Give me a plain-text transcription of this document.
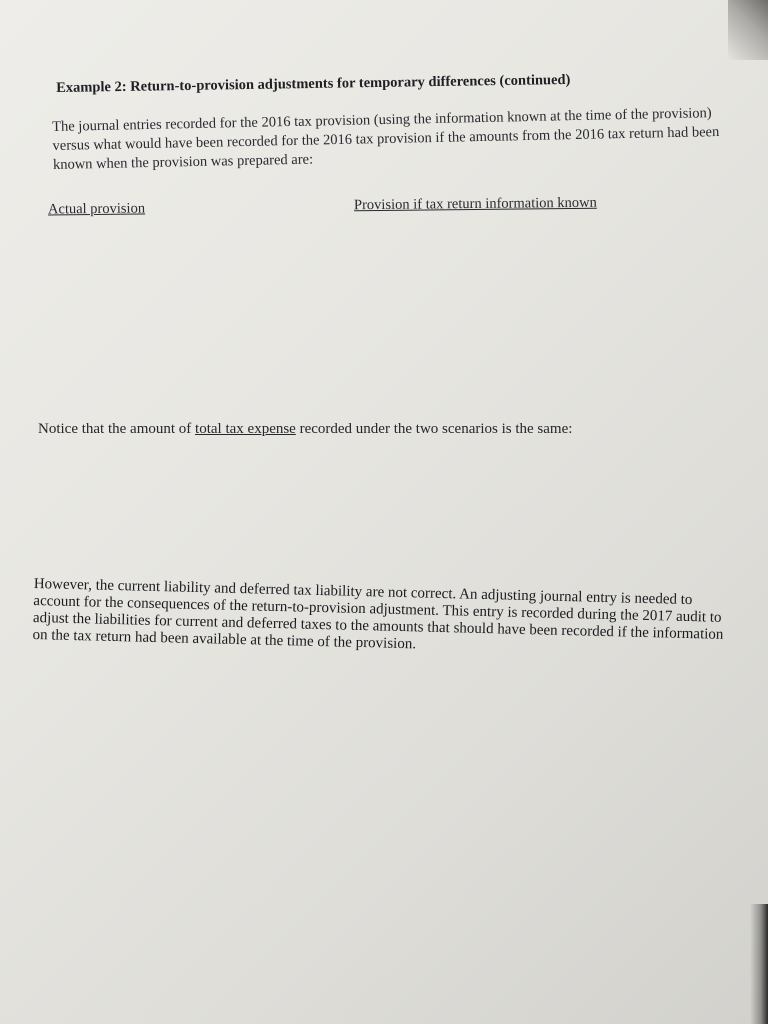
Example 2: Return-to-provision adjustments for temporary differences (continued)
The journal entries recorded for the 2016 tax provision (using the information known at the time of the provision) versus what would have been recorded for the 2016 tax provision if the amounts from the 2016 tax return had been known when the provision was prepared are:
Actual provision	Provision if tax return information known
Notice that the amount of total tax expense recorded under the two scenarios is the same:
However, the current liability and deferred tax liability are not correct. An adjusting journal entry is needed to account for the consequences of the return-to-provision adjustment. This entry is recorded during the 2017 audit to adjust the liabilities for current and deferred taxes to the amounts that should have been recorded if the information on the tax return had been available at the time of the provision.
